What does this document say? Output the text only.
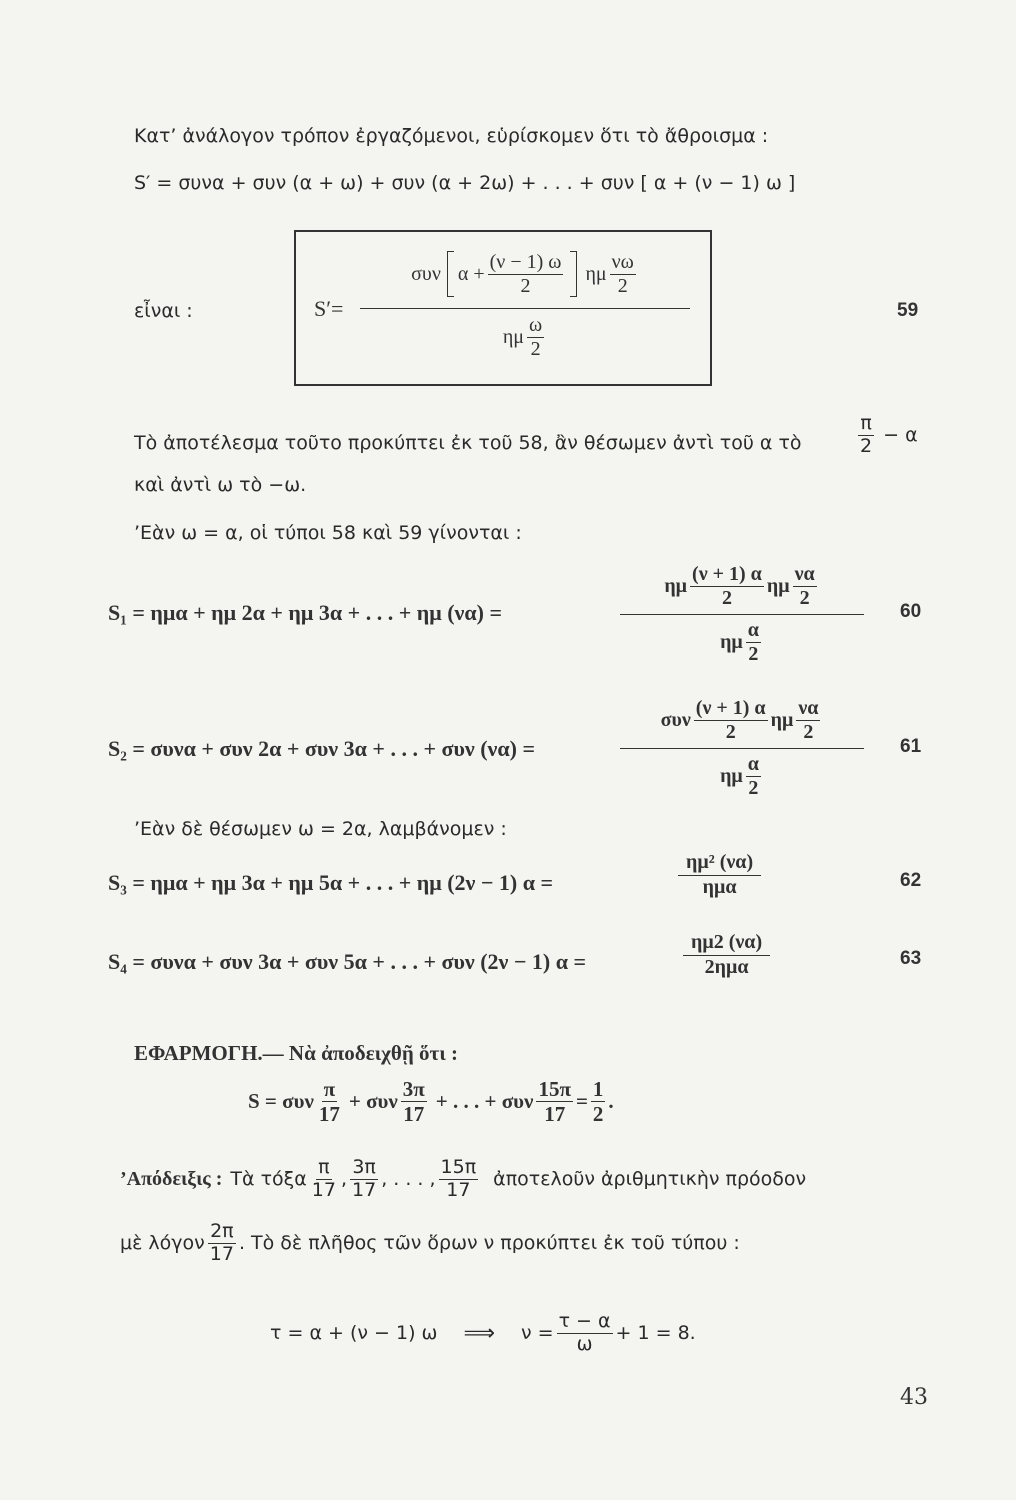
Κατ’ ἀνάλογον τρόπον ἐργαζόμενοι, εὑρίσκομεν ὅτι τὸ ἄθροισμα :
S′ = συνα + συν (α + ω) + συν (α + 2ω) + . . . + συν [ α + (ν − 1) ω ]
εἶναι :	S′=
συν $\alpha + \frac{(\nu - 1) \omega}{2}$ ημ $\frac{\nu\omega}{2}$
ημ $\frac{\omega}{2}$
59
Τὸ ἀποτέλεσμα τοῦτο προκύπτει ἐκ τοῦ 58, ἂν θέσωμεν ἀντὶ τοῦ α τὸ	$\frac{\pi}{2} - \alpha$
καὶ ἀντὶ ω τὸ −ω.
’Εὰν ω = α, οἱ τύποι 58 καὶ 59 γίνονται :
S₁ = ημα + ημ 2α + ημ 3α + . . . + ημ (να) =
ημ $\frac{(\nu + 1) \alpha}{2}$ ημ $\frac{\nu\alpha}{2}$
ημ $\frac{\alpha}{2}$
60
S₂ = συνα + συν 2α + συν 3α + . . . + συν (να) =
συν $\frac{(\nu + 1) \alpha}{2}$ ημ $\frac{\nu\alpha}{2}$
ημ $\frac{\alpha}{2}$
61
’Εὰν δὲ θέσωμεν ω = 2α, λαμβάνομεν :
S₃ = ημα + ημ 3α + ημ 5α + . . . + ημ (2ν − 1) α =	$\frac{\text{ημ² (να)}}{\text{ημα}}$	62
S₄ = συνα + συν 3α + συν 5α + . . . + συν (2ν − 1) α =	$\frac{\eta\mu 2 (\nu\alpha)}{\text{2ημα}}$	63
ΕΦΑΡΜΟΓΗ.— Νὰ ἀποδειχθῇ ὅτι :
S = συν $\frac{\pi}{17} + \sigma\upsilon\nu \frac{3\pi}{17}$ + . . . + συν $\frac{15\pi}{17} = \frac{1}{2}$ .
’Απόδειξις : Τὰ τόξα $\frac{\pi}{17}$ , $\frac{3\pi}{17}$ , . . . , $\frac{15\pi}{17}$ ἀποτελοῦν ἀριθμητικὴν πρόοδον
μὲ λόγον $\frac{2\pi}{17}$ . Τὸ δὲ πλῆθος τῶν ὅρων ν προκύπτει ἐκ τοῦ τύπου :
τ = α + (ν − 1) ω ⟹ $\nu = \frac{\tau - \alpha}{\omega} + 1 = 8$.
43
